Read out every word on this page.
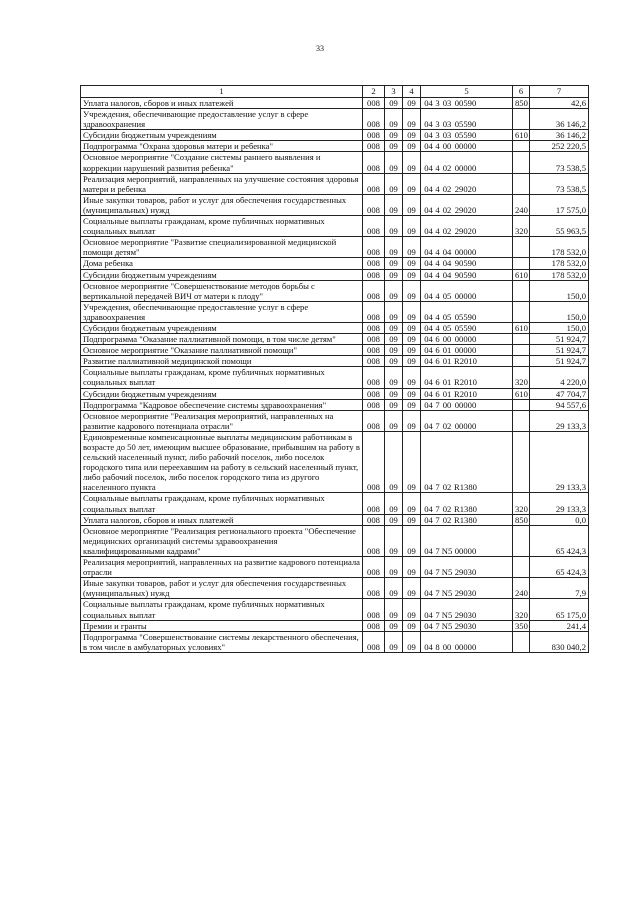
33
1	2	3	4	5	6	7
Уплата налогов, сборов и иных платежей	008	09	09	04 3 03 00590	850	42,6
Учреждения, обеспечивающие предоставление услуг в сфере здравоохранения	008	09	09	04 3 03 05590		36 146,2
Субсидии бюджетным учреждениям	008	09	09	04 3 03 05590	610	36 146,2
Подпрограмма "Охрана здоровья матери и ребенка"	008	09	09	04 4 00 00000		252 220,5
Основное мероприятие "Создание системы раннего выявления и коррекции нарушений развития ребенка"	008	09	09	04 4 02 00000		73 538,5
Реализация мероприятий, направленных на улучшение состояния здоровья матери и ребенка	008	09	09	04 4 02 29020		73 538,5
Иные закупки товаров, работ и услуг для обеспечения государственных (муниципальных) нужд	008	09	09	04 4 02 29020	240	17 575,0
Социальные выплаты гражданам, кроме публичных нормативных социальных выплат	008	09	09	04 4 02 29020	320	55 963,5
Основное мероприятие "Развитие специализированной медицинской помощи детям"	008	09	09	04 4 04 00000		178 532,0
Дома ребенка	008	09	09	04 4 04 90590		178 532,0
Субсидии бюджетным учреждениям	008	09	09	04 4 04 90590	610	178 532,0
Основное мероприятие "Совершенствование методов борьбы с вертикальной передачей ВИЧ от матери к плоду"	008	09	09	04 4 05 00000		150,0
Учреждения, обеспечивающие предоставление услуг в сфере здравоохранения	008	09	09	04 4 05 05590		150,0
Субсидии бюджетным учреждениям	008	09	09	04 4 05 05590	610	150,0
Подпрограмма "Оказание паллиативной помощи, в том числе детям"	008	09	09	04 6 00 00000		51 924,7
Основное мероприятие "Оказание паллиативной помощи"	008	09	09	04 6 01 00000		51 924,7
Развитие паллиативной медицинской помощи	008	09	09	04 6 01 R2010		51 924,7
Социальные выплаты гражданам, кроме публичных нормативных социальных выплат	008	09	09	04 6 01 R2010	320	4 220,0
Субсидии бюджетным учреждениям	008	09	09	04 6 01 R2010	610	47 704,7
Подпрограмма "Кадровое обеспечение системы здравоохранения"	008	09	09	04 7 00 00000		94 557,6
Основное мероприятие "Реализация мероприятий, направленных на развитие кадрового потенциала отрасли"	008	09	09	04 7 02 00000		29 133,3
Единовременные компенсационные выплаты медицинским работникам в возрасте до 50 лет, имеющим высшее образование, прибывшим на работу в сельский населенный пункт, либо рабочий поселок, либо поселок городского типа или переехавшим на работу в сельский населенный пункт, либо рабочий поселок, либо поселок городского типа из другого населенного пункта	008	09	09	04 7 02 R1380		29 133,3
Социальные выплаты гражданам, кроме публичных нормативных социальных выплат	008	09	09	04 7 02 R1380	320	29 133,3
Уплата налогов, сборов и иных платежей	008	09	09	04 7 02 R1380	850	0,0
Основное мероприятие "Реализация регионального проекта "Обеспечение медицинских организаций системы здравоохранения квалифицированными кадрами"	008	09	09	04 7 N5 00000		65 424,3
Реализация мероприятий, направленных на развитие кадрового потенциала отрасли	008	09	09	04 7 N5 29030		65 424,3
Иные закупки товаров, работ и услуг для обеспечения государственных (муниципальных) нужд	008	09	09	04 7 N5 29030	240	7,9
Социальные выплаты гражданам, кроме публичных нормативных социальных выплат	008	09	09	04 7 N5 29030	320	65 175,0
Премии и гранты	008	09	09	04 7 N5 29030	350	241,4
Подпрограмма "Совершенствование системы лекарственного обеспечения, в том числе в амбулаторных условиях"	008	09	09	04 8 00 00000		830 040,2
